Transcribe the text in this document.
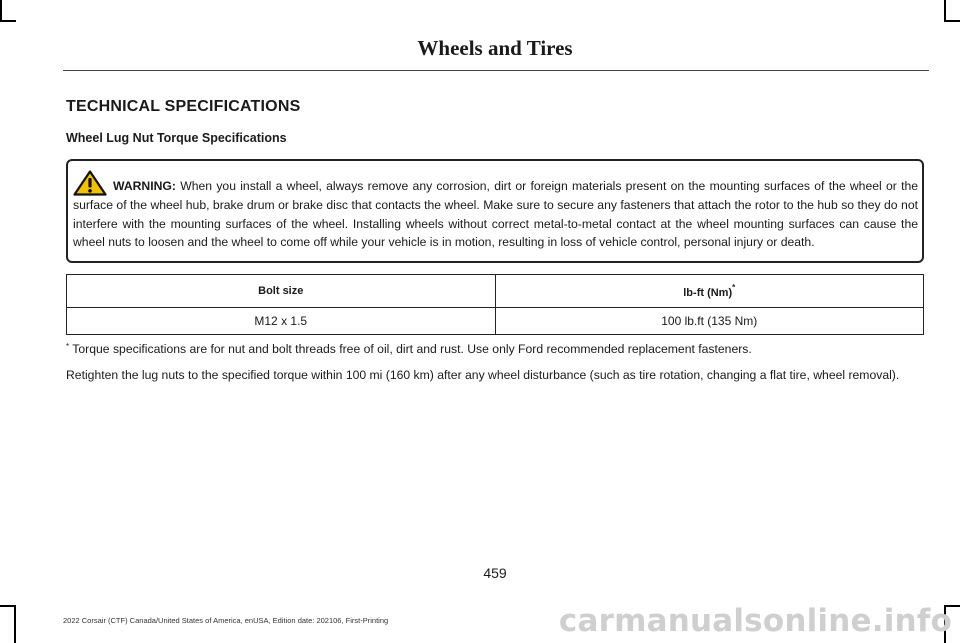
Wheels and Tires
TECHNICAL SPECIFICATIONS
Wheel Lug Nut Torque Specifications
WARNING: When you install a wheel, always remove any corrosion, dirt or foreign materials present on the mounting surfaces of the wheel or the surface of the wheel hub, brake drum or brake disc that contacts the wheel. Make sure to secure any fasteners that attach the rotor to the hub so they do not interfere with the mounting surfaces of the wheel. Installing wheels without correct metal-to-metal contact at the wheel mounting surfaces can cause the wheel nuts to loosen and the wheel to come off while your vehicle is in motion, resulting in loss of vehicle control, personal injury or death.
Bolt size	lb-ft (Nm)*
M12 x 1.5	100 lb.ft (135 Nm)
* Torque specifications are for nut and bolt threads free of oil, dirt and rust. Use only Ford recommended replacement fasteners.
Retighten the lug nuts to the specified torque within 100 mi (160 km) after any wheel disturbance (such as tire rotation, changing a flat tire, wheel removal).
459
2022 Corsair (CTF) Canada/United States of America, enUSA, Edition date: 202106, First-Printing	carmanualsonline.info
